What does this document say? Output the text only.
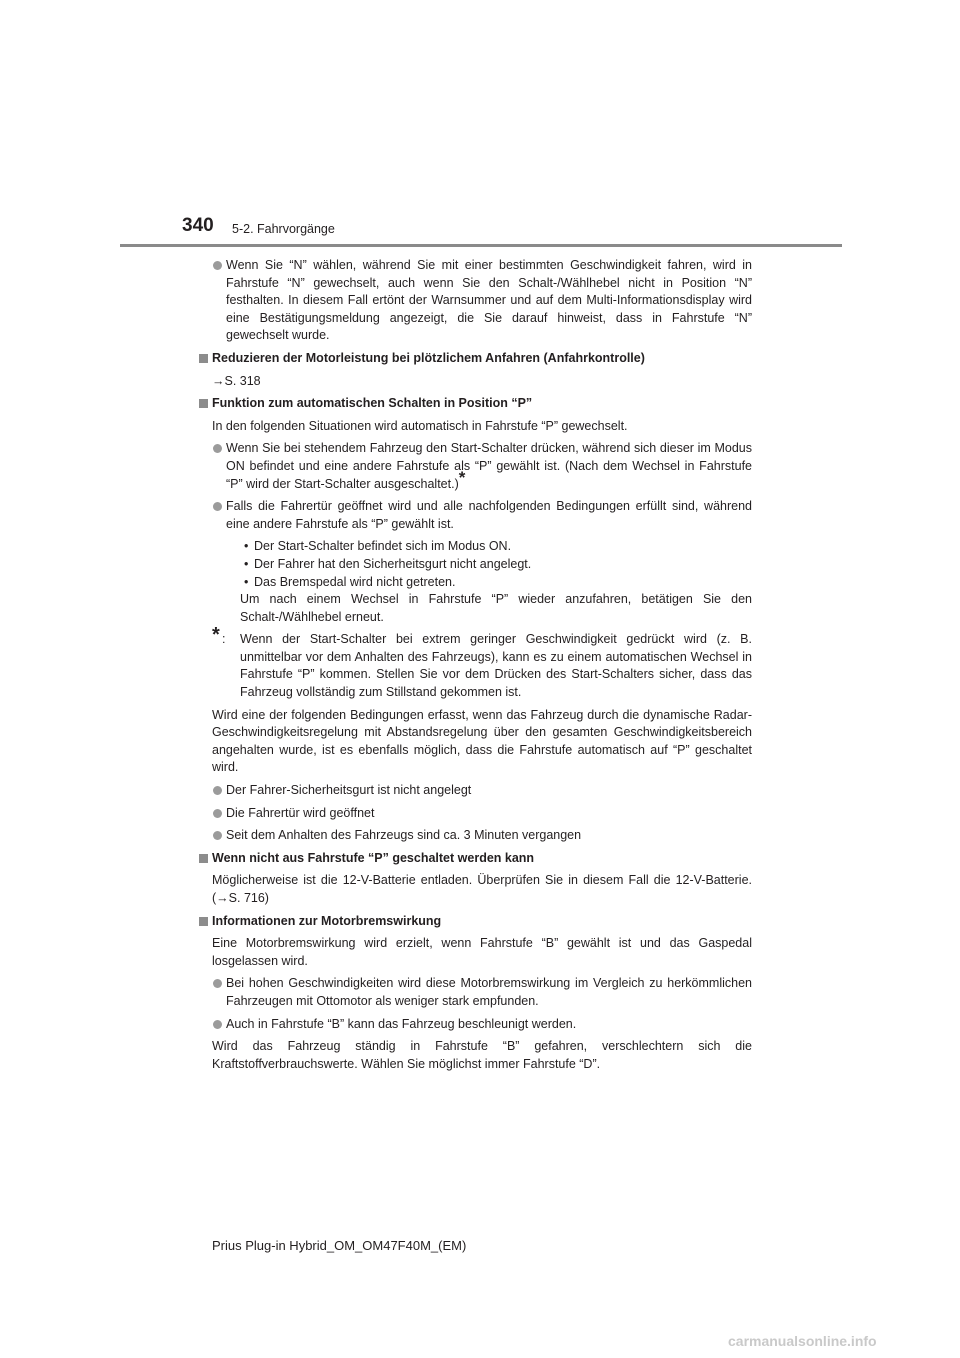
340 5-2. Fahrvorgänge
Wenn Sie “N” wählen, während Sie mit einer bestimmten Geschwindigkeit fahren, wird in Fahrstufe “N” gewechselt, auch wenn Sie den Schalt-/Wählhebel nicht in Position “N” festhalten. In diesem Fall ertönt der Warnsummer und auf dem Multi-Informationsdisplay wird eine Bestätigungsmeldung angezeigt, die Sie darauf hinweist, dass in Fahrstufe “N” gewechselt wurde.
Reduzieren der Motorleistung bei plötzlichem Anfahren (Anfahrkontrolle)
→S. 318
Funktion zum automatischen Schalten in Position “P”
In den folgenden Situationen wird automatisch in Fahrstufe “P” gewechselt.
Wenn Sie bei stehendem Fahrzeug den Start-Schalter drücken, während sich dieser im Modus ON befindet und eine andere Fahrstufe als “P” gewählt ist. (Nach dem Wechsel in Fahrstufe “P” wird der Start-Schalter ausgeschaltet.)*
Falls die Fahrertür geöffnet wird und alle nachfolgenden Bedingungen erfüllt sind, während eine andere Fahrstufe als “P” gewählt ist.
• Der Start-Schalter befindet sich im Modus ON.
• Der Fahrer hat den Sicherheitsgurt nicht angelegt.
• Das Bremspedal wird nicht getreten.
Um nach einem Wechsel in Fahrstufe “P” wieder anzufahren, betätigen Sie den Schalt-/Wählhebel erneut.
* : Wenn der Start-Schalter bei extrem geringer Geschwindigkeit gedrückt wird (z. B. unmittelbar vor dem Anhalten des Fahrzeugs), kann es zu einem automatischen Wechsel in Fahrstufe “P” kommen. Stellen Sie vor dem Drücken des Start-Schalters sicher, dass das Fahrzeug vollständig zum Stillstand gekommen ist.
Wird eine der folgenden Bedingungen erfasst, wenn das Fahrzeug durch die dynamische Radar-Geschwindigkeitsregelung mit Abstandsregelung über den gesamten Geschwindigkeitsbereich angehalten wurde, ist es ebenfalls möglich, dass die Fahrstufe automatisch auf “P” geschaltet wird.
Der Fahrer-Sicherheitsgurt ist nicht angelegt
Die Fahrertür wird geöffnet
Seit dem Anhalten des Fahrzeugs sind ca. 3 Minuten vergangen
Wenn nicht aus Fahrstufe “P” geschaltet werden kann
Möglicherweise ist die 12-V-Batterie entladen. Überprüfen Sie in diesem Fall die 12-V-Batterie. (→S. 716)
Informationen zur Motorbremswirkung
Eine Motorbremswirkung wird erzielt, wenn Fahrstufe “B” gewählt ist und das Gaspedal losgelassen wird.
Bei hohen Geschwindigkeiten wird diese Motorbremswirkung im Vergleich zu herkömmlichen Fahrzeugen mit Ottomotor als weniger stark empfunden.
Auch in Fahrstufe “B” kann das Fahrzeug beschleunigt werden.
Wird das Fahrzeug ständig in Fahrstufe “B” gefahren, verschlechtern sich die Kraftstoffverbrauchswerte. Wählen Sie möglichst immer Fahrstufe “D”.
Prius Plug-in Hybrid_OM_OM47F40M_(EM)
carmanualsonline.info
